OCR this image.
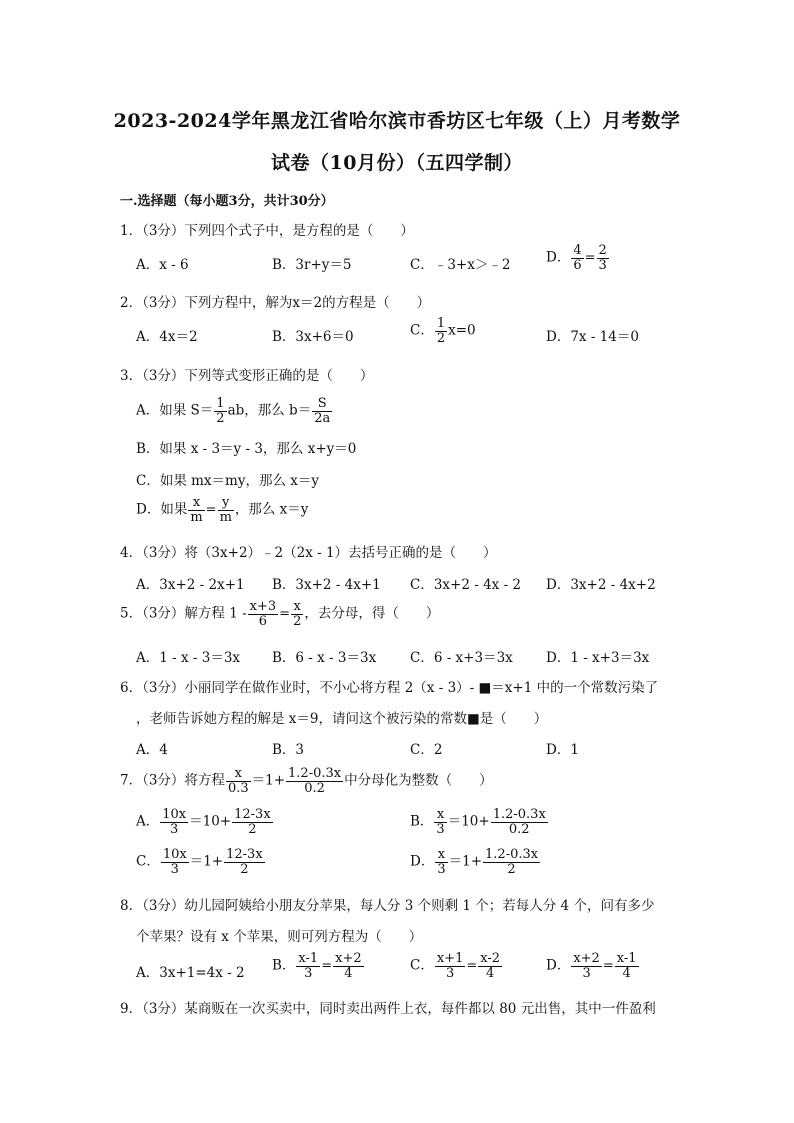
2023-2024学年黑龙江省哈尔滨市香坊区七年级（上）月考数学
试卷（10月份）（五四学制）
一.选择题（每小题3分，共计30分）
1．（3分）下列四个式子中，是方程的是（　　）
A．x - 6	B．3r+y＝5	C．﹣3+x＞﹣2	D． $\frac{4}{6} = \frac{2}{3}$
2．（3分）下列方程中，解为x＝2的方程是（　　）
A．4x＝2	B．3x+6＝0	C． $\frac{1}{2} x=0$	D．7x - 14＝0
3．（3分）下列等式变形正确的是（　　）
A．如果 $S= \frac{1}{2}$ ab，那么 $b= \frac{S}{2a}$
B．如果 x - 3＝y - 3，那么 x+y＝0
C．如果 mx＝my，那么 x＝y
D．如果 $\frac{x}{m} = \frac{y}{m}$ ，那么 x＝y
4．（3分）将（3x+2）﹣2（2x - 1）去括号正确的是（　　）
A．3x+2 - 2x+1 B．3x+2 - 4x+1 C．3x+2 - 4x - 2 D．3x+2 - 4x+2
5．（3分）解方程 $1 - \frac{x+3}{6} = \frac{x}{2}$ ，去分母，得（　　）
A．1 - x - 3＝3x B．6 - x - 3＝3x	C．6 - x+3＝3x D．1 - x+3＝3x
6．（3分）小丽同学在做作业时，不小心将方程 2（x - 3）- ■＝x+1 中的一个常数污染了
，老师告诉她方程的解是 x＝9，请问这个被污染的常数■是（　　）
A．4	B．3	C．2	D．1
7．（3分）将方程 $\frac{x}{0.3} =1+ \frac{1.2-0.3x}{0.2}$ 中分母化为整数（　　）
A． $\frac{10x}{3} =10+ \frac{12-3x}{2}$	B． $\frac{x}{3} =10+ \frac{1.2-0.3x}{0.2}$
C． $\frac{10x}{3} =1+ \frac{12-3x}{2}$	D． $\frac{x}{3} =1+ \frac{1.2-0.3x}{2}$
8．（3分）幼儿园阿姨给小朋友分苹果，每人分 3 个则剩 1 个；若每人分 4 个，问有多少
个苹果？设有 x 个苹果，则可列方程为（　　）
A．3x+1=4x - 2 B． $\frac{x-1}{3} = \frac{x+2}{4}$	C． $\frac{x+1}{3} = \frac{x-2}{4}$	D． $\frac{x+2}{3} = \frac{x-1}{4}$
9．（3分）某商贩在一次买卖中，同时卖出两件上衣，每件都以 80 元出售，其中一件盈利
